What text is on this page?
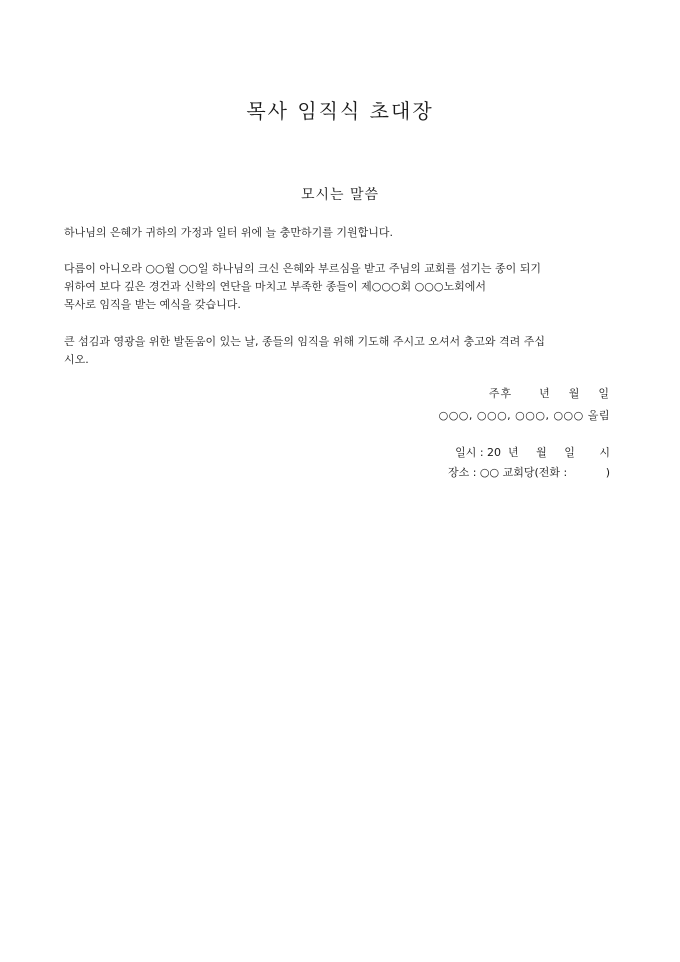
목사 임직식 초대장
모시는 말씀
하나님의 은혜가 귀하의 가정과 일터 위에 늘 충만하기를 기원합니다.
다름이 아니오라 ○○월 ○○일 하나님의 크신 은혜와 부르심을 받고 주님의 교회를 섬기는 종이 되기
위하여 보다 깊은 경건과 신학의 연단을 마치고 부족한 종들이 제○○○회 ○○○노회에서
목사로 임직을 받는 예식을 갖습니다.
큰 섬김과 영광을 위한 발돋움이 있는 날, 종들의 임직을 위해 기도해 주시고 오셔서 충고와 격려 주십
시오.
주후      년    월    일
○○○, ○○○, ○○○, ○○○ 올림
일시 : 20  년     월     일       시
장소 : ○○ 교회당(전화 :           )
